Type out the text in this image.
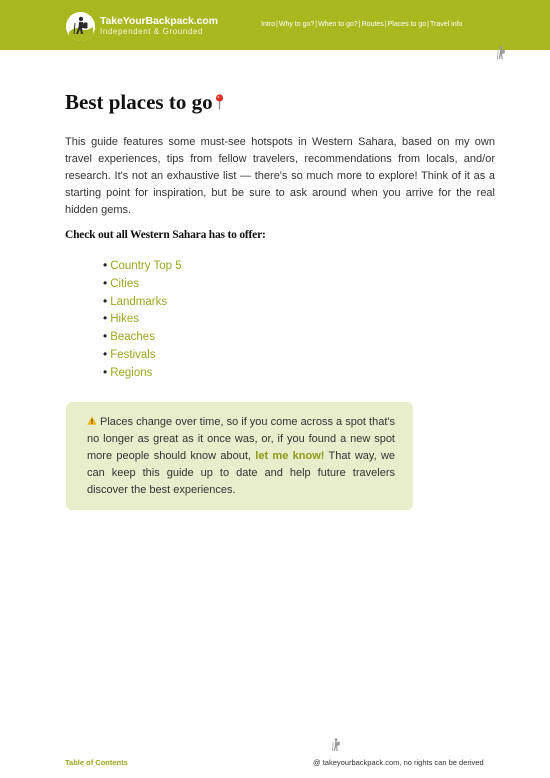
TakeYourBackpack.com
Independent & Grounded
Intro|Why to go?|When to go?|Routes|Places to go|Travel info
Best places to go

This guide features some must-see hotspots in Western Sahara, based on my own travel experiences, tips from fellow travelers, recommendations from locals, and/or research. It's not an exhaustive list — there's so much more to explore! Think of it as a starting point for inspiration, but be sure to ask around when you arrive for the real hidden gems.

Check out all Western Sahara has to offer:

• Country Top 5
• Cities
• Landmarks
• Hikes
• Beaches
• Festivals
• Regions

Places change over time, so if you come across a spot that's no longer as great as it once was, or, if you found a new spot more people should know about, let me know! That way, we can keep this guide up to date and help future travelers discover the best experiences.

Table of Contents	@ takeyourbackpack.com, no rights can be derived
